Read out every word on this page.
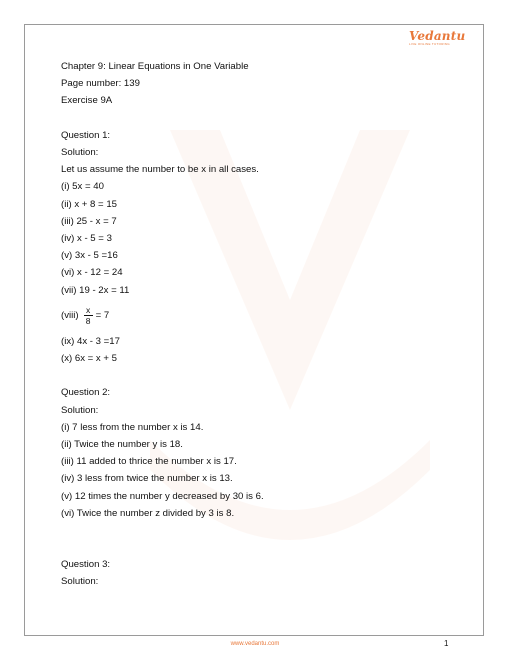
Vedantu
LIVE ONLINE TUTORING
Chapter 9: Linear Equations in One Variable
Page number: 139
Exercise 9A
Question 1:
Solution:
Let us assume the number to be x in all cases.
(i) 5x = 40
(ii) x + 8 = 15
(iii) 25 - x = 7
(iv) x - 5 = 3
(v) 3x - 5 =16
(vi) x - 12 = 24
(vii) 19 - 2x = 11
(viii) $\frac{x}{8} = 7$
(ix) 4x - 3 =17
(x) 6x = x + 5
Question 2:
Solution:
(i) 7 less from the number x is 14.
(ii) Twice the number y is 18.
(iii) 11 added to thrice the number x is 17.
(iv) 3 less from twice the number x is 13.
(v) 12 times the number y decreased by 30 is 6.
(vi) Twice the number z divided by 3 is 8.
Question 3:
Solution:
www.vedantu.com	1
